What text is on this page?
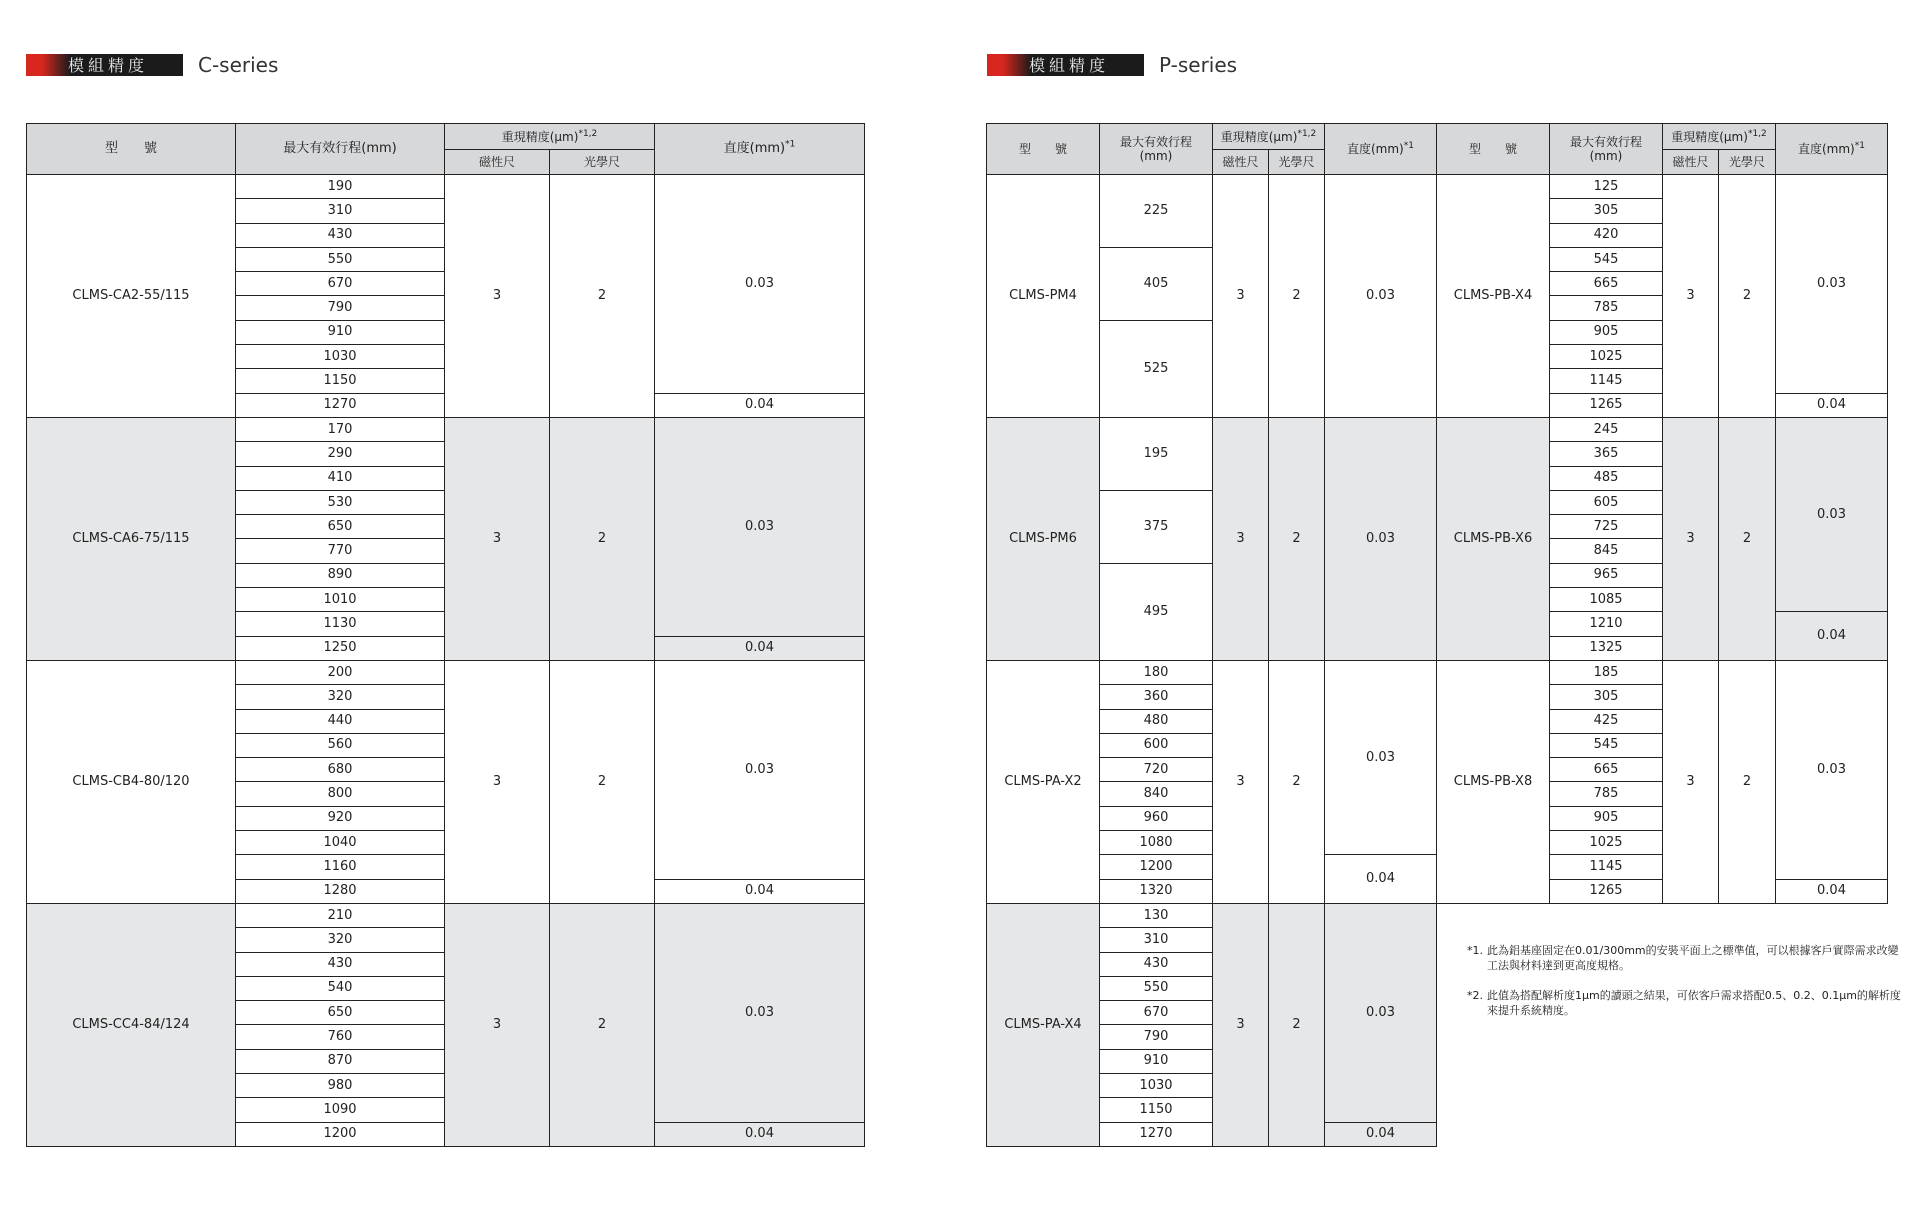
模組精度 C-series	模組精度 P-series
型　　號	最大有效行程(mm)	重現精度$(\mu m)^{*1,2}$		直度(mm)$^{*1}$
		磁性尺	光學尺	
CLMS-CA2-55/115	190	3	2	0.03
	310			
	430			
	550			
	670			
	790			
	910			
	1030			
	1150			
	1270			0.04
CLMS-CA6-75/115	170	3	2	0.03
	290			
	410			
	530			
	650			
	770			
	890			
	1010			
	1130			
	1250			0.04
CLMS-CB4-80/120	200	3	2	0.03
	320			
	440			
	560			
	680			
	800			
	920			
	1040			
	1160			
	1280			0.04
CLMS-CC4-84/124	210	3	2	0.03
	320			
	430			
	540			
	650			
	760			
	870			
	980			
	1090			
	1200			0.04
型　　號	最大有效行程
(mm)	重現精度$(\mu m)^{*1,2}$		直度(mm)$^{*1}$	型　　號	最大有效行程
(mm)	重現精度$(\mu m)^{*1,2}$		直度(mm)$^{*1}$
		磁性尺	光學尺				磁性尺	光學尺	
CLMS-PM4	225	3	2	0.03	CLMS-PB-X4	125	3	2	0.03
						305			
						420			
	405					545			
						665			
						785			
	525					905			
						1025			
						1145			
						1265			0.04
CLMS-PM6	195	3	2	0.03	CLMS-PB-X6	245	3	2	0.03
						365			
						485			
	375					605			
						725			
						845			
	495					965			
						1085			
						1210			0.04
						1325			
CLMS-PA-X2	180	3	2	0.03	CLMS-PB-X8	185	3	2	0.03
	360					305			
	480					425			
	600					545			
	720					665			
	840					785			
	960					905			
	1080					1025			
	1200			0.04		1145			
	1320					1265			0.04
CLMS-PA-X4	130	3	2	0.03					
	310								
	430								
	550								
	670								
	790								
	910								
	1030								
	1150								
	1270			0.04					
*1. 此為鋁基座固定在0.01/300mm的安裝平面上之標準值，可以根據客戶實際需求改變工法與材料達到更高度規格。
*2. 此值為搭配解析度1μm的讀頭之結果，可依客戶需求搭配0.5、0.2、0.1μm的解析度來提升系統精度。
